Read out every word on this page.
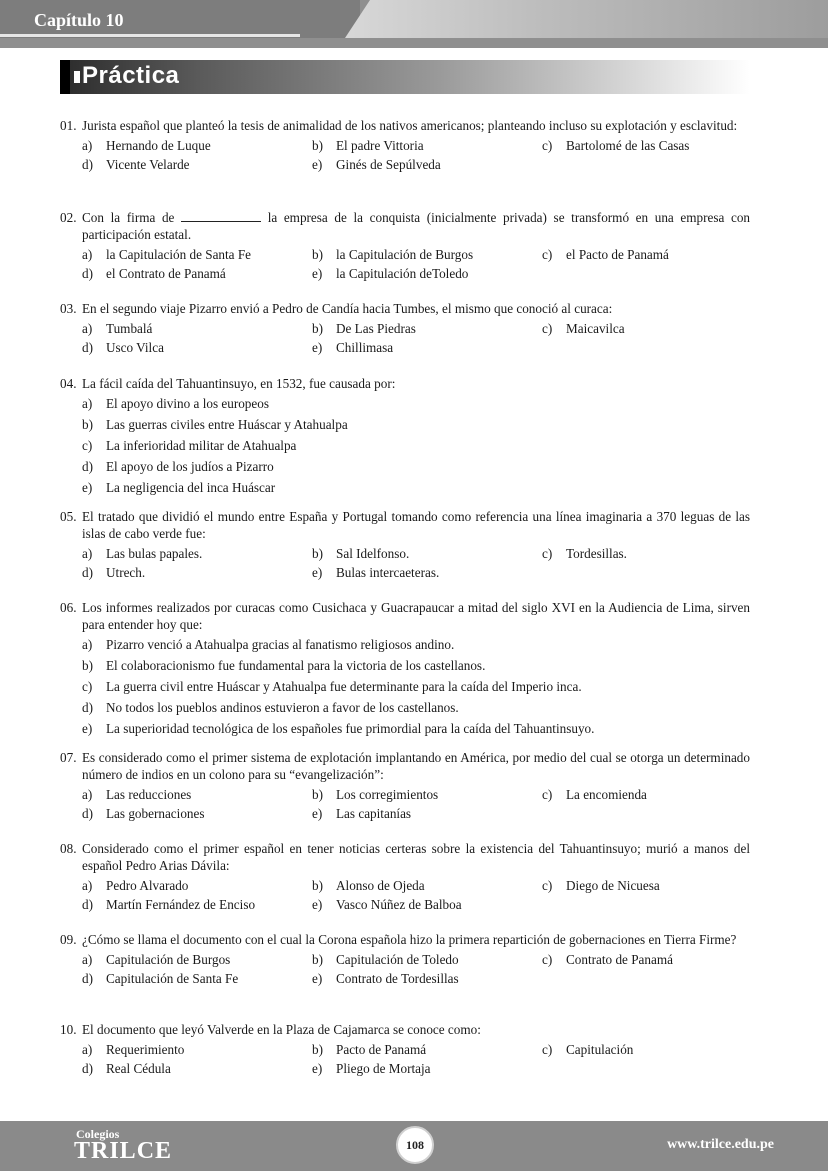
Capítulo 10
Práctica
01. Jurista español que planteó la tesis de animalidad de los nativos americanos; planteando incluso su explotación y esclavitud:
a)	Hernando de Luque	b) El padre Vittoria	c)	Bartolomé de las Casas
d) Vicente Velarde	e)	Ginés de Sepúlveda
02. Con la firma de	la empresa de la conquista (inicialmente privada) se transformó en una empresa con participación estatal.
a)	la Capitulación de Santa Fe	b) la Capitulación de Burgos	c)	el Pacto de Panamá
d) el Contrato de Panamá	e)	la Capitulación deToledo
03. En el segundo viaje Pizarro envió a Pedro de Candía hacia Tumbes, el mismo que conoció al curaca:
a)	Tumbalá	b) De Las Piedras	c)	Maicavilca
d) Usco Vilca	e)	Chillimasa
04. La fácil caída del Tahuantinsuyo, en 1532, fue causada por:
a)	El apoyo divino a los europeos
b) Las guerras civiles entre Huáscar y Atahualpa
c)	La inferioridad militar de Atahualpa
d) El apoyo de los judíos a Pizarro
e)	La negligencia del inca Huáscar
05. El tratado que dividió el mundo entre España y Portugal tomando como referencia una línea imaginaria a 370 leguas de las islas de cabo verde fue:
a)	Las bulas papales.	b) Sal Idelfonso.	c)	Tordesillas.
d) Utrech.	e)	Bulas intercaeteras.
06. Los informes realizados por curacas como Cusichaca y Guacrapaucar a mitad del siglo XVI en la Audiencia de Lima, sirven para entender hoy que:
a)	Pizarro venció a Atahualpa gracias al fanatismo religiosos andino.
b) El colaboracionismo fue fundamental para la victoria de los castellanos.
c)	La guerra civil entre Huáscar y Atahualpa fue determinante para la caída del Imperio inca.
d) No todos los pueblos andinos estuvieron a favor de los castellanos.
e)	La superioridad tecnológica de los españoles fue primordial para la caída del Tahuantinsuyo.
07. Es considerado como el primer sistema de explotación implantando en América, por medio del cual se otorga un determinado número de indios en un colono para su “evangelización”:
a)	Las reducciones	b) Los corregimientos	c)	La encomienda
d) Las gobernaciones	e)	Las capitanías
08. Considerado como el primer español en tener noticias certeras sobre la existencia del Tahuantinsuyo; murió a manos del español Pedro Arias Dávila:
a)	Pedro Alvarado	b) Alonso de Ojeda	c)	Diego de Nicuesa
d) Martín Fernández de Enciso	e)	Vasco Núñez de Balboa
09. ¿Cómo se llama el documento con el cual la Corona española hizo la primera repartición de gobernaciones en Tierra Firme?
a)	Capitulación de Burgos	b) Capitulación de Toledo	c)	Contrato de Panamá
d) Capitulación de Santa Fe	e)	Contrato de Tordesillas
10. El documento que leyó Valverde en la Plaza de Cajamarca se conoce como:
a)	Requerimiento	b) Pacto de Panamá	c)	Capitulación
d) Real Cédula	e)	Pliego de Mortaja
Colegios
TRILCE	108	www.trilce.edu.pe
